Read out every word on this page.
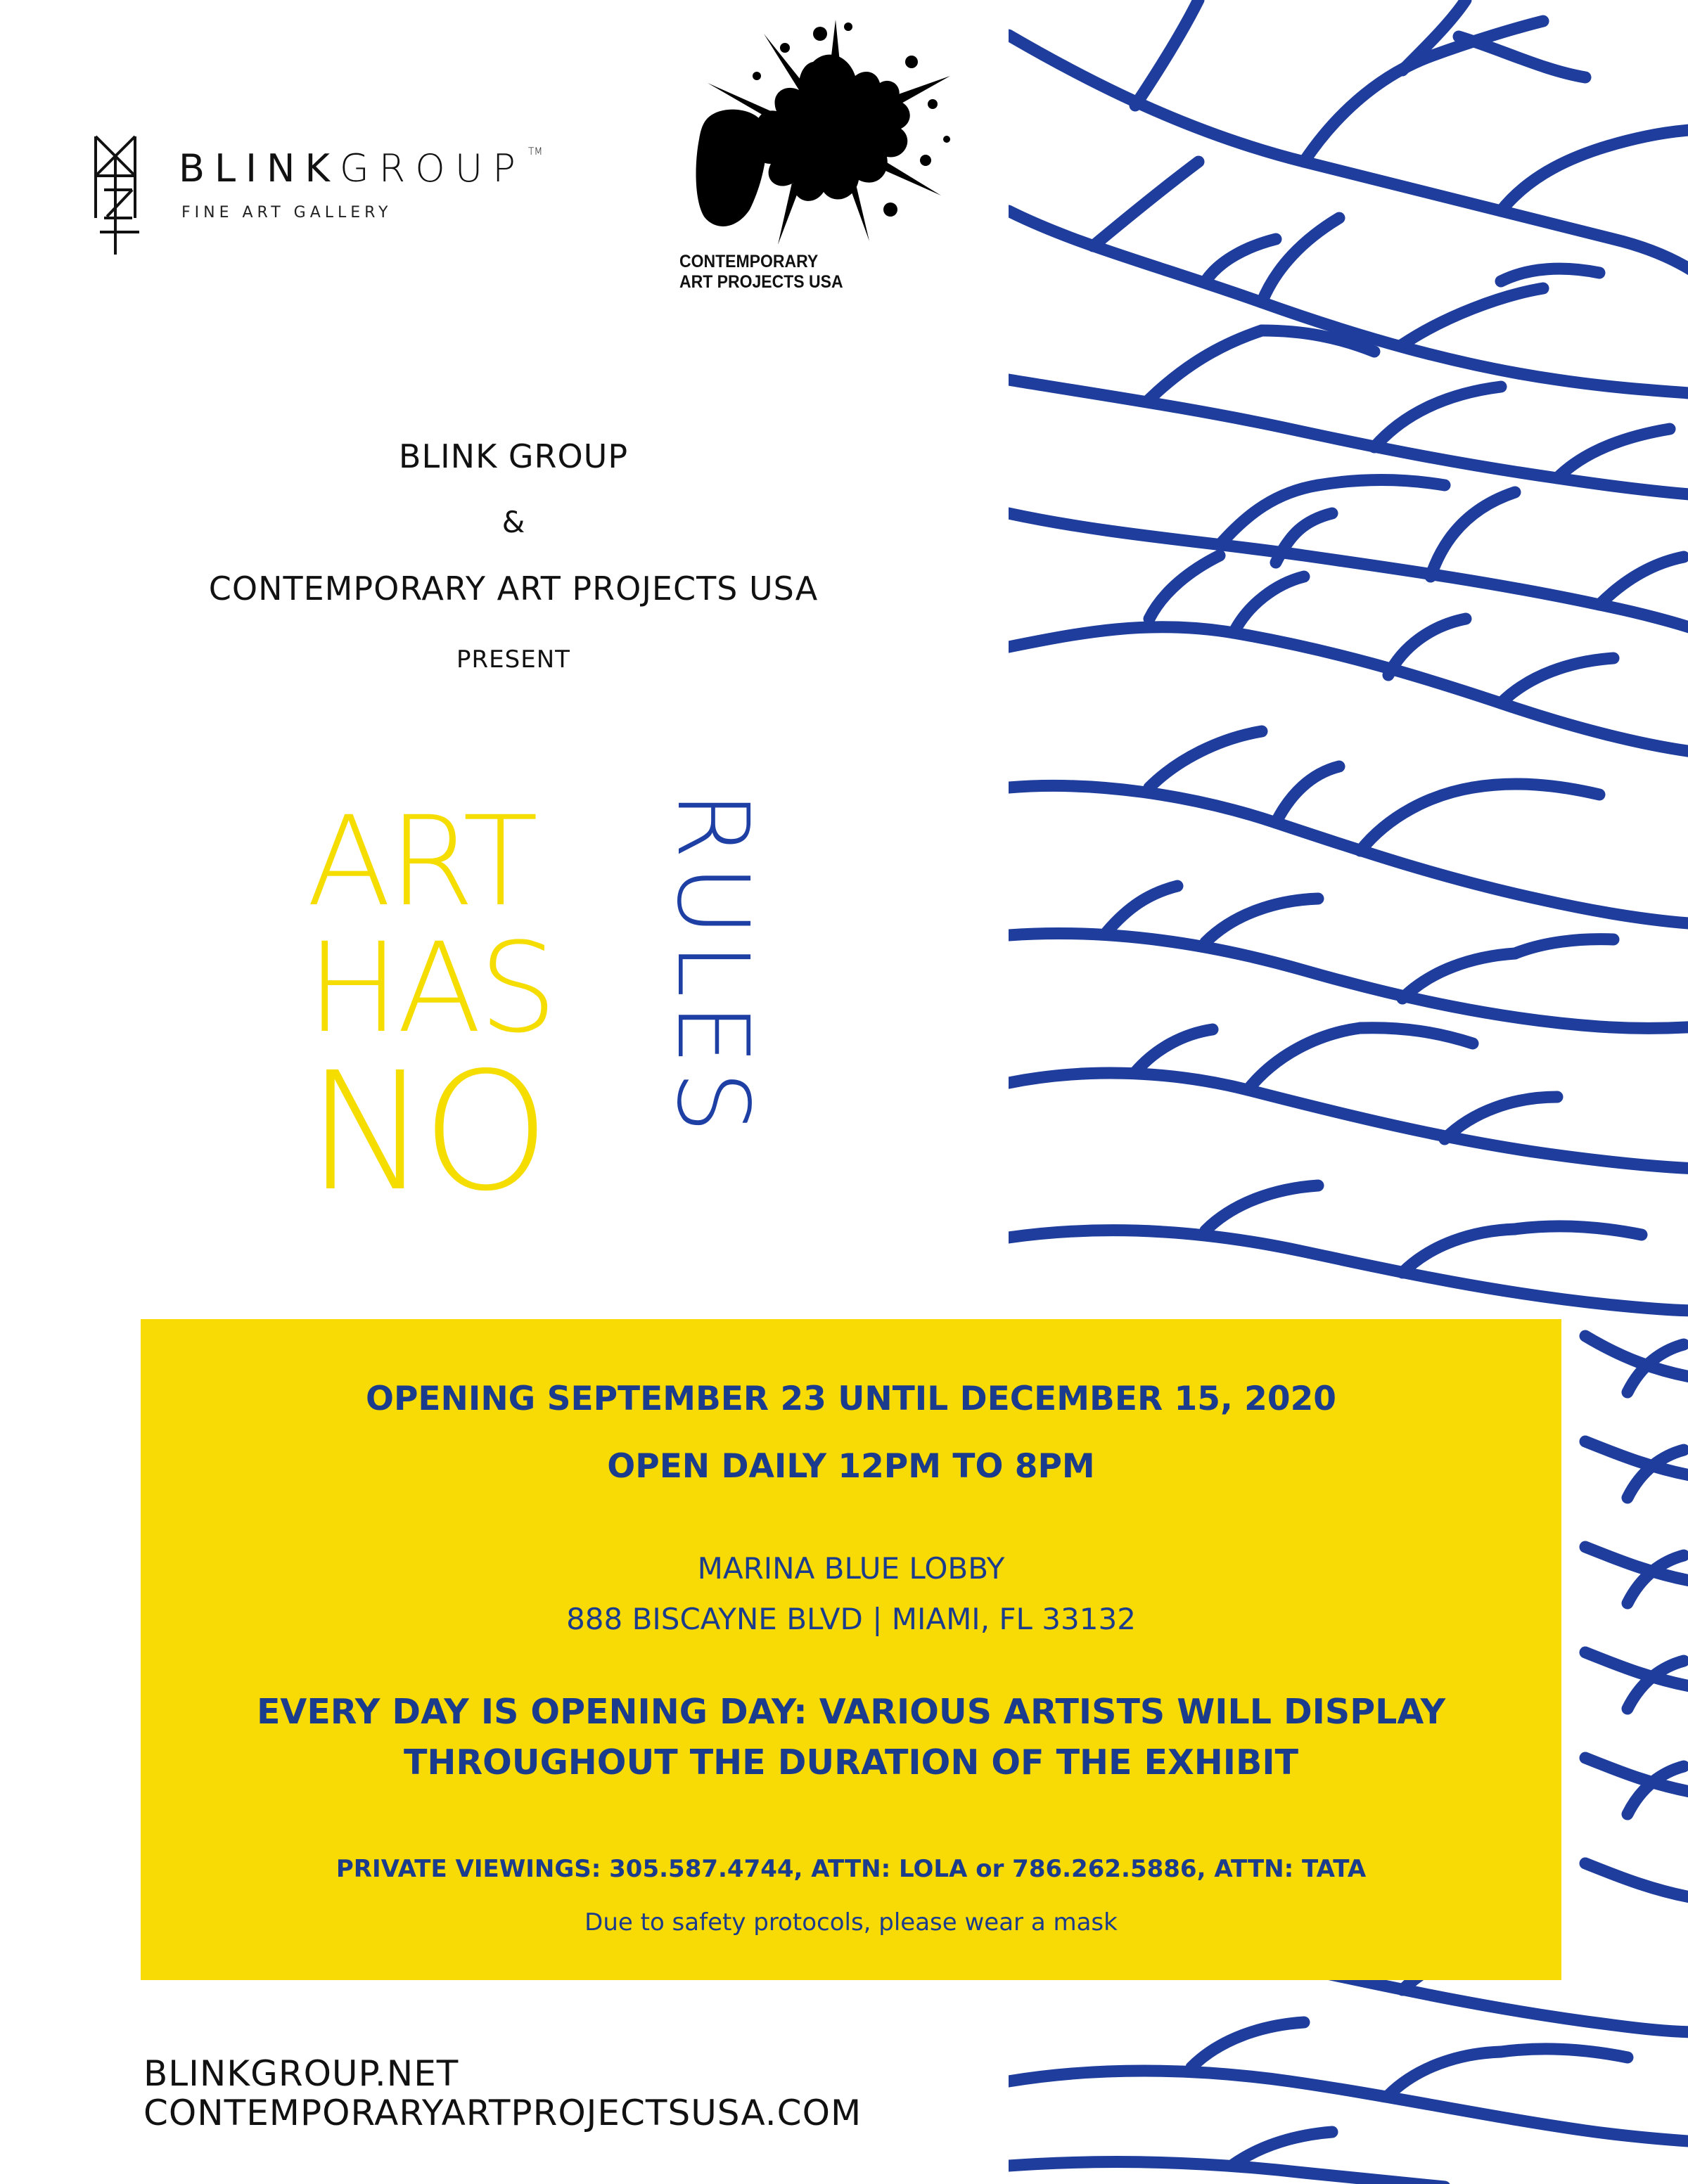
BLINKGROUP ™
FINE ART GALLERY
CONTEMPORARY
ART PROJECTS USA
BLINK GROUP
&
CONTEMPORARY ART PROJECTS USA
PRESENT
ART
HAS
NO RULES
OPENING SEPTEMBER 23 UNTIL DECEMBER 15, 2020
OPEN DAILY 12PM TO 8PM
MARINA BLUE LOBBY
888 BISCAYNE BLVD | MIAMI, FL 33132
EVERY DAY IS OPENING DAY: VARIOUS ARTISTS WILL DISPLAY
THROUGHOUT THE DURATION OF THE EXHIBIT
PRIVATE VIEWINGS: 305.587.4744, ATTN: LOLA or 786.262.5886, ATTN: TATA
Due to safety protocols, please wear a mask
BLINKGROUP.NET
CONTEMPORARYARTPROJECTSUSA.COM
